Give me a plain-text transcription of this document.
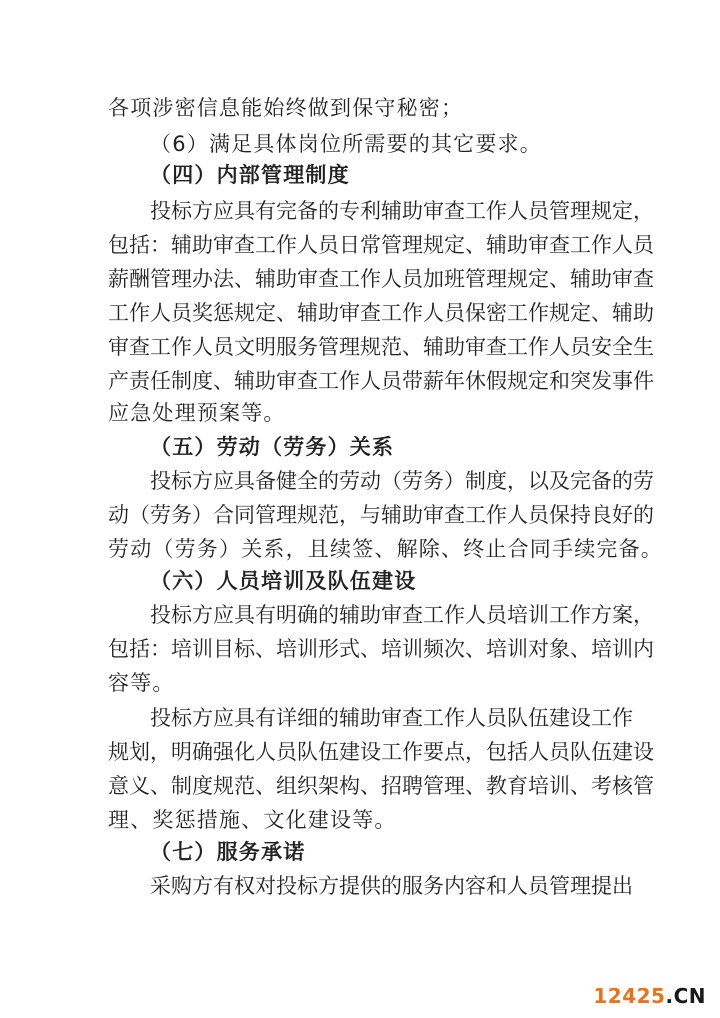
各项涉密信息能始终做到保守秘密；
（6）满足具体岗位所需要的其它要求。
（四）内部管理制度
投标方应具有完备的专利辅助审查工作人员管理规定，
包括：辅助审查工作人员日常管理规定、辅助审查工作人员
薪酬管理办法、辅助审查工作人员加班管理规定、辅助审查
工作人员奖惩规定、辅助审查工作人员保密工作规定、辅助
审查工作人员文明服务管理规范、辅助审查工作人员安全生
产责任制度、辅助审查工作人员带薪年休假规定和突发事件
应急处理预案等。
（五）劳动（劳务）关系
投标方应具备健全的劳动（劳务）制度，以及完备的劳
动（劳务）合同管理规范，与辅助审查工作人员保持良好的
劳动（劳务）关系，且续签、解除、终止合同手续完备。
（六）人员培训及队伍建设
投标方应具有明确的辅助审查工作人员培训工作方案，
包括：培训目标、培训形式、培训频次、培训对象、培训内
容等。
投标方应具有详细的辅助审查工作人员队伍建设工作
规划，明确强化人员队伍建设工作要点，包括人员队伍建设
意义、制度规范、组织架构、招聘管理、教育培训、考核管
理、奖惩措施、文化建设等。
（七）服务承诺
采购方有权对投标方提供的服务内容和人员管理提出
12425.CN
